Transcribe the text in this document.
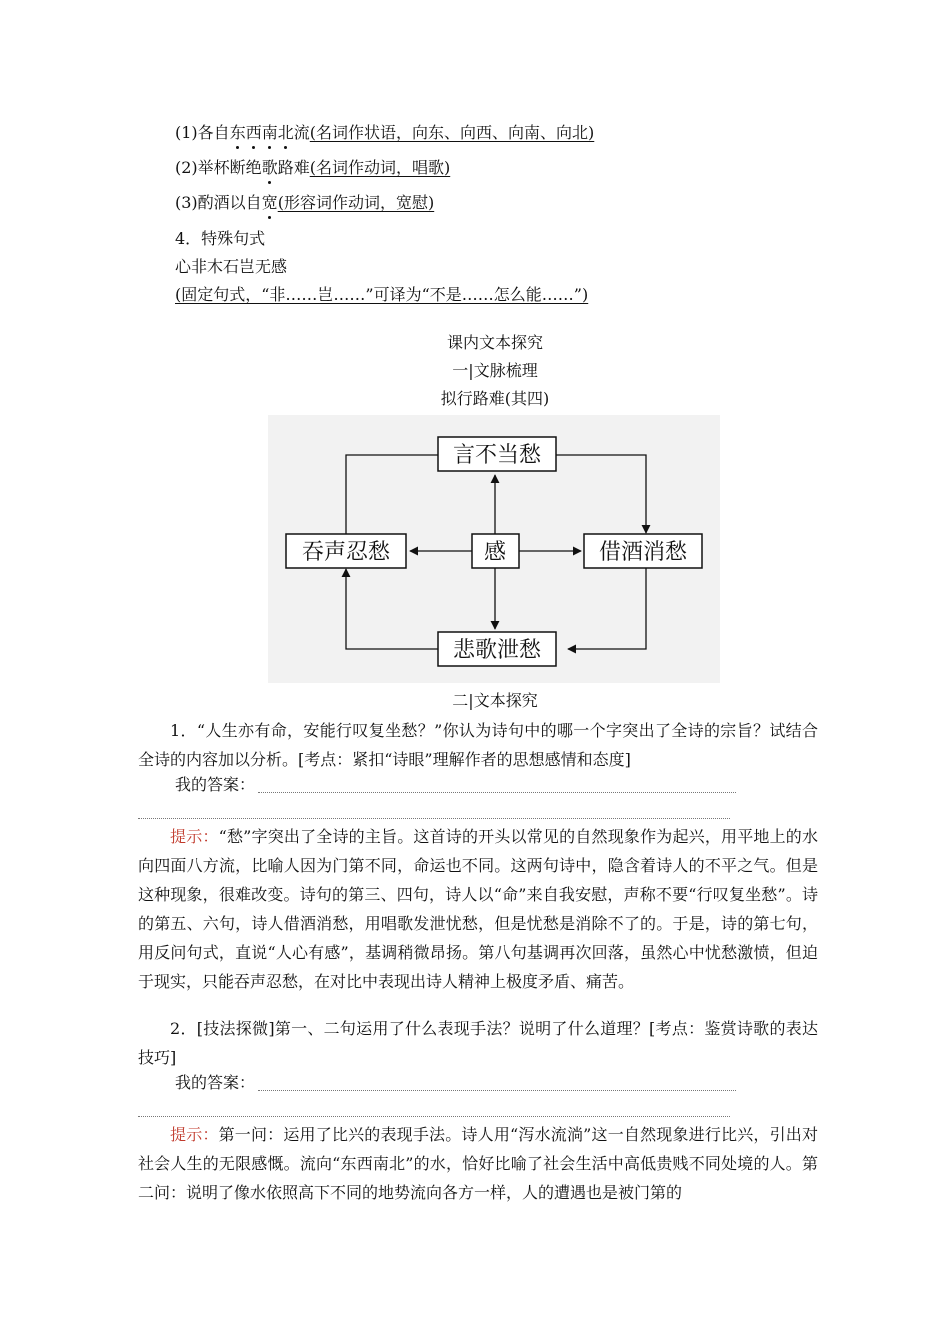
(1)各自东西南北流(名词作状语，向东、向西、向南、向北)
(2)举杯断绝歌路难(名词作动词，唱歌)
(3)酌酒以自宽(形容词作动词，宽慰)
4．特殊句式
心非木石岂无感
(固定句式，“非……岂……”可译为“不是……怎么能……”)
课内文本探究
一|文脉梳理
拟行路难(其四)
言不当愁
吞声忍愁	感	借酒消愁
悲歌泄愁
二|文本探究
1．“人生亦有命，安能行叹复坐愁？”你认为诗句中的哪一个字突出了全诗的宗旨？试结合全诗的内容加以分析。[考点：紧扣“诗眼”理解作者的思想感情和态度]
我的答案：
提示：“愁”字突出了全诗的主旨。这首诗的开头以常见的自然现象作为起兴，用平地上的水向四面八方流，比喻人因为门第不同，命运也不同。这两句诗中，隐含着诗人的不平之气。但是这种现象，很难改变。诗句的第三、四句，诗人以“命”来自我安慰，声称不要“行叹复坐愁”。诗的第五、六句，诗人借酒消愁，用唱歌发泄忧愁，但是忧愁是消除不了的。于是，诗的第七句，用反问句式，直说“人心有感”，基调稍微昂扬。第八句基调再次回落，虽然心中忧愁激愤，但迫于现实，只能吞声忍愁，在对比中表现出诗人精神上极度矛盾、痛苦。
2．[技法探微]第一、二句运用了什么表现手法？说明了什么道理？[考点：鉴赏诗歌的表达技巧]
我的答案：
提示：第一问：运用了比兴的表现手法。诗人用“泻水流淌”这一自然现象进行比兴，引出对社会人生的无限感慨。流向“东西南北”的水，恰好比喻了社会生活中高低贵贱不同处境的人。第二问：说明了像水依照高下不同的地势流向各方一样，人的遭遇也是被门第的
